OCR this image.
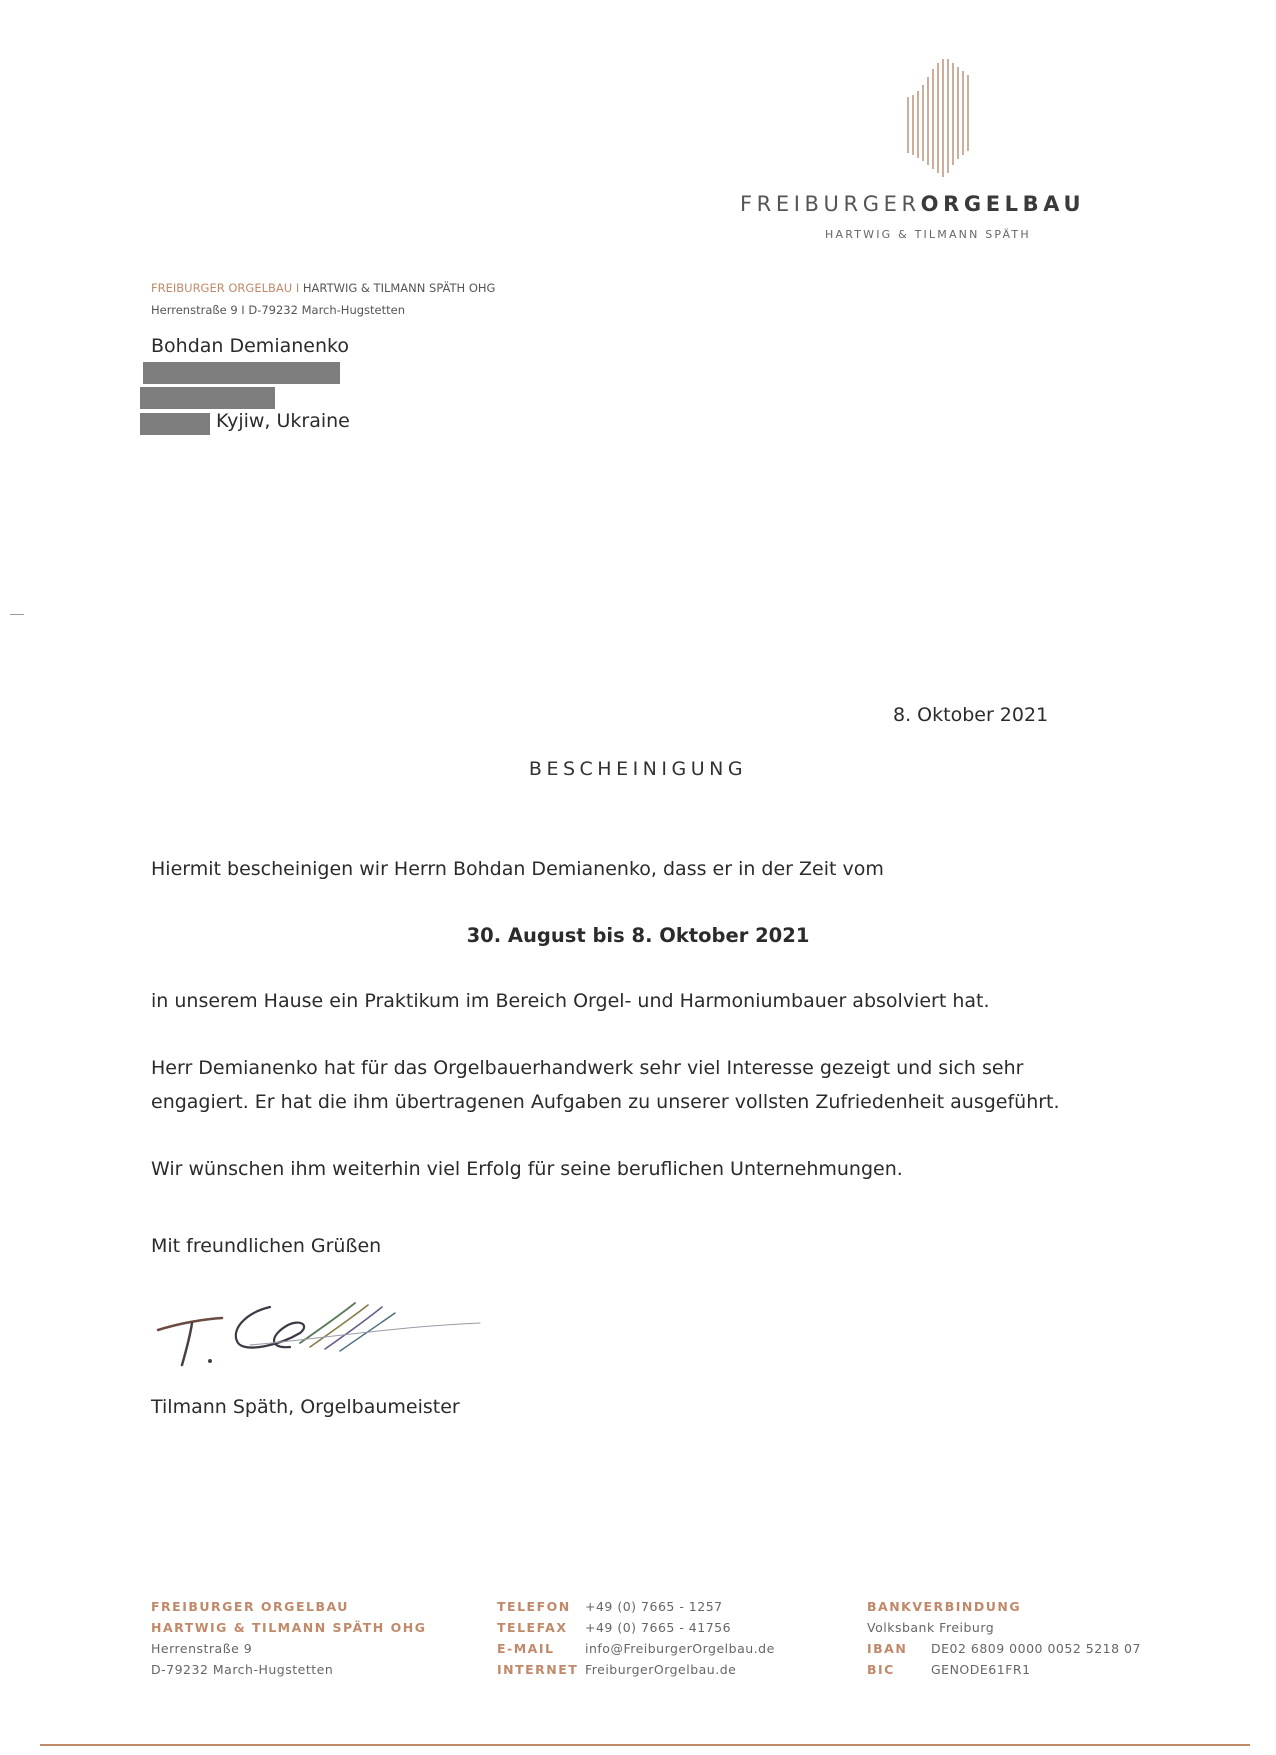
FREIBURGERORGELBAU
HARTWIG & TILMANN SPÄTH
FREIBURGER ORGELBAU I HARTWIG & TILMANN SPÄTH OHG
Herrenstraße 9 I D-79232 March-Hugstetten
Bohdan Demianenko
Kyjiw, Ukraine
8. Oktober 2021
BESCHEINIGUNG
Hiermit bescheinigen wir Herrn Bohdan Demianenko, dass er in der Zeit vom
30. August bis 8. Oktober 2021
in unserem Hause ein Praktikum im Bereich Orgel- und Harmoniumbauer absolviert hat.
Herr Demianenko hat für das Orgelbauerhandwerk sehr viel Interesse gezeigt und sich sehr
engagiert. Er hat die ihm übertragenen Aufgaben zu unserer vollsten Zufriedenheit ausgeführt.
Wir wünschen ihm weiterhin viel Erfolg für seine beruflichen Unternehmungen.
Mit freundlichen Grüßen
Tilmann Späth, Orgelbaumeister
FREIBURGER ORGELBAU
HARTWIG & TILMANN SPÄTH OHG
Herrenstraße 9
D-79232 March-Hugstetten
TELEFON +49 (0) 7665 - 1257
TELEFAX +49 (0) 7665 - 41756
E-MAIL info@FreiburgerOrgelbau.de
INTERNET FreiburgerOrgelbau.de
BANKVERBINDUNG
Volksbank Freiburg
IBAN DE02 6809 0000 0052 5218 07
BIC	GENODE61FR1
